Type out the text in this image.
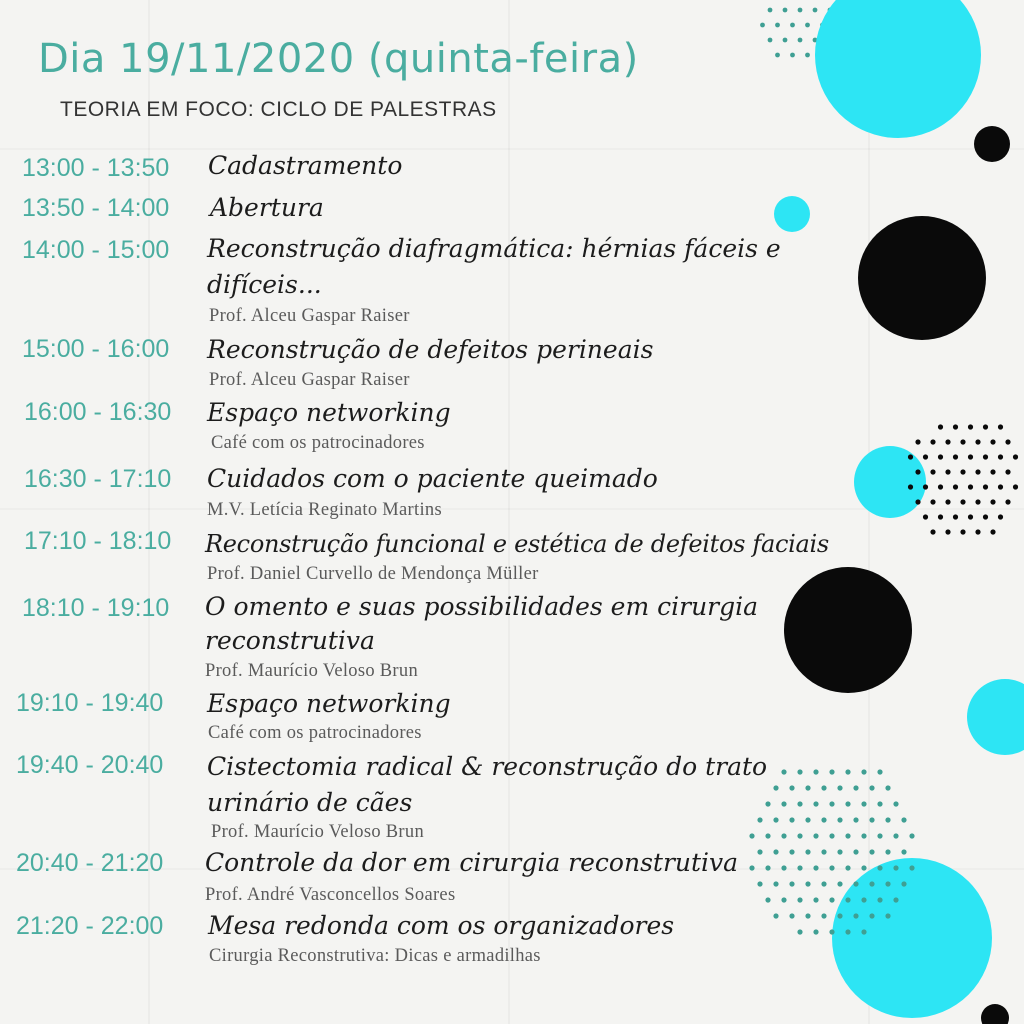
Dia 19/11/2020 (quinta-feira)
TEORIA EM FOCO: CICLO DE PALESTRAS
13:00 - 13:50 Cadastramento
13:50 - 14:00 Abertura
14:00 - 15:00 Reconstrução diafragmática: hérnias fáceis e
difíceis...
Prof. Alceu Gaspar Raiser
15:00 - 16:00 Reconstrução de defeitos perineais
Prof. Alceu Gaspar Raiser
16:00 - 16:30 Espaço networking
Café com os patrocinadores
16:30 - 17:10 Cuidados com o paciente queimado
M.V. Letícia Reginato Martins
17:10 - 18:10 Reconstrução funcional e estética de defeitos faciais
Prof. Daniel Curvello de Mendonça Müller
18:10 - 19:10 O omento e suas possibilidades em cirurgia
reconstrutiva
Prof. Maurício Veloso Brun
19:10 - 19:40 Espaço networking
Café com os patrocinadores
19:40 - 20:40 Cistectomia radical & reconstrução do trato
urinário de cães
Prof. Maurício Veloso Brun
20:40 - 21:20 Controle da dor em cirurgia reconstrutiva
Prof. André Vasconcellos Soares
21:20 - 22:00 Mesa redonda com os organizadores
Cirurgia Reconstrutiva: Dicas e armadilhas
